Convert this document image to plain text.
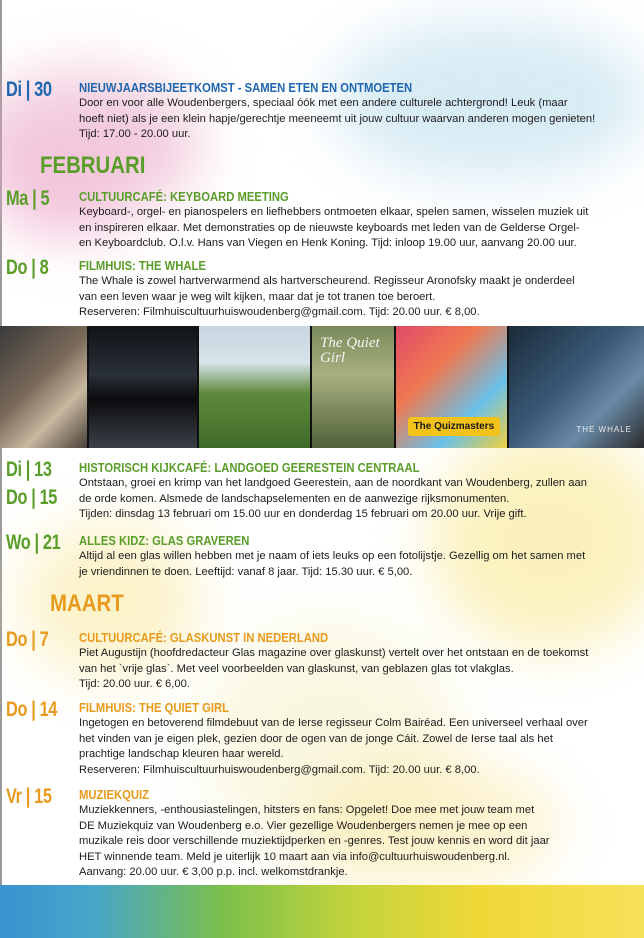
Di | 30 NIEUWJAARSBIJEETKOMST - SAMEN ETEN EN ONTMOETEN
Door en voor alle Woudenbergers, speciaal óók met een andere culturele achtergrond! Leuk (maar
hoeft niet) als je een klein hapje/gerechtje meeneemt uit jouw cultuur waarvan anderen mogen genieten!
Tijd: 17.00 - 20.00 uur.
FEBRUARI
Ma | 5 CULTUURCAFÉ: KEYBOARD MEETING
Keyboard-, orgel- en pianospelers en liefhebbers ontmoeten elkaar, spelen samen, wisselen muziek uit
en inspireren elkaar. Met demonstraties op de nieuwste keyboards met leden van de Gelderse Orgel-
en Keyboardclub. O.l.v. Hans van Viegen en Henk Koning. Tijd: inloop 19.00 uur, aanvang 20.00 uur.
Do | 8 FILMHUIS: THE WHALE
The Whale is zowel hartverwarmend als hartverscheurend. Regisseur Aronofsky maakt je onderdeel
van een leven waar je weg wilt kijken, maar dat je tot tranen toe beroert.
Reserveren: Filmhuiscultuurhuiswoudenberg@gmail.com. Tijd: 20.00 uur. € 8,00.
The Quiet Girl
The Quizmasters	THE WHALE
Di | 13
Do | 15
HISTORISCH KIJKCAFÉ: LANDGOED GEERESTEIN CENTRAAL
Ontstaan, groei en krimp van het landgoed Geerestein, aan de noordkant van Woudenberg, zullen aan
de orde komen. Alsmede de landschapselementen en de aanwezige rijksmonumenten.
Tijden: dinsdag 13 februari om 15.00 uur en donderdag 15 februari om 20.00 uur. Vrije gift.
Wo | 21 ALLES KIDZ: GLAS GRAVEREN
Altijd al een glas willen hebben met je naam of iets leuks op een fotolijstje. Gezellig om het samen met
je vriendinnen te doen. Leeftijd: vanaf 8 jaar. Tijd: 15.30 uur. € 5,00.
MAART
Do | 7 CULTUURCAFÉ: GLASKUNST IN NEDERLAND
Piet Augustijn (hoofdredacteur Glas magazine over glaskunst) vertelt over het ontstaan en de toekomst
van het `vrije glas`. Met veel voorbeelden van glaskunst, van geblazen glas tot vlakglas.
Tijd: 20.00 uur. € 6,00.
Do | 14 FILMHUIS: THE QUIET GIRL
Ingetogen en betoverend filmdebuut van de Ierse regisseur Colm Bairéad. Een universeel verhaal over
het vinden van je eigen plek, gezien door de ogen van de jonge Cáit. Zowel de Ierse taal als het
prachtige landschap kleuren haar wereld.
Reserveren: Filmhuiscultuurhuiswoudenberg@gmail.com. Tijd: 20.00 uur. € 8,00.
Vr | 15 MUZIEKQUIZ
Muziekkenners, -enthousiastelingen, hitsters en fans: Opgelet! Doe mee met jouw team met
DE Muziekquiz van Woudenberg e.o. Vier gezellige Woudenbergers nemen je mee op een
muzikale reis door verschillende muziektijdperken en -genres. Test jouw kennis en word dit jaar
HET winnende team. Meld je uiterlijk 10 maart aan via info@cultuurhuiswoudenberg.nl.
Aanvang: 20.00 uur. € 3,00 p.p. incl. welkomstdrankje.
